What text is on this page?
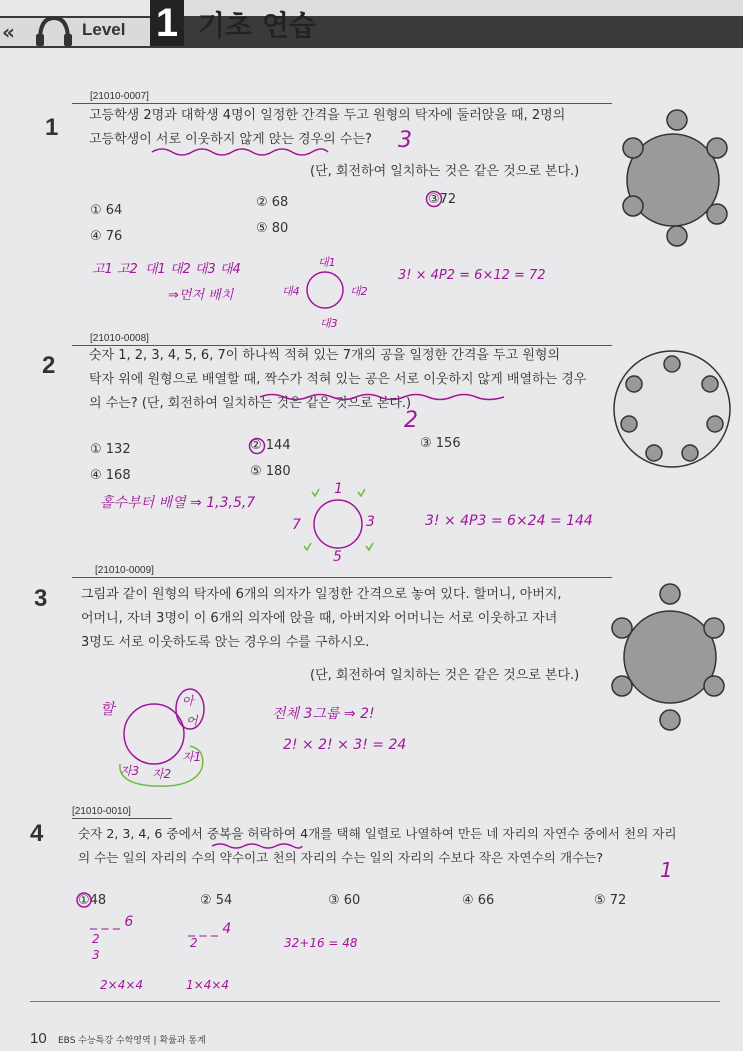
«	Level 1 기초 연습
[21010-0007]
1 고등학생 2명과 대학생 4명이 일정한 간격을 두고 원형의 탁자에 둘러앉을 때, 2명의
고등학생이 서로 이웃하지 않게 앉는 경우의 수는?
(단, 회전하여 일치하는 것은 같은 것으로 본다.)
① 64
② 68	③72
④ 76
⑤ 80
3
고1 고2 대1 대2 대3 대4
⇒먼저 배치
대1
대2
대3
대4
3! × 4P2 = 6×12 = 72
[21010-0008]
2	숫자 1, 2, 3, 4, 5, 6, 7이 하나씩 적혀 있는 7개의 공을 일정한 간격을 두고 원형의
탁자 위에 원형으로 배열할 때, 짝수가 적혀 있는 공은 서로 이웃하지 않게 배열하는 경우
의 수는? (단, 회전하여 일치하는 것은 같은 것으로 본다.)
① 132	② 144	③ 156
④ 168	⑤ 180
2
홀수부터 배열 ⇒ 1,3,5,7
1
3
5
7	3! × 4P3 = 6×24 = 144
[21010-0009]
3	그림과 같이 원형의 탁자에 6개의 의자가 일정한 간격으로 놓여 있다. 할머니, 아버지,
어머니, 자녀 3명이 이 6개의 의자에 앉을 때, 아버지와 어머니는 서로 이웃하고 자녀
3명도 서로 이웃하도록 앉는 경우의 수를 구하시오.
(단, 회전하여 일치하는 것은 같은 것으로 본다.)
할	아
어
자1
자2
자3
전체 3그룹 ⇒ 2!
2! × 2! × 3! = 24
[21010-0010]
4	숫자 2, 3, 4, 6 중에서 중복을 허락하여 4개를 택해 일렬로 나열하여 만든 네 자리의 자연수 중에서 천의 자리
의 수는 일의 자리의 수의 약수이고 천의 자리의 수는 일의 자리의 수보다 작은 자연수의 개수는?
1
①48	② 54	③ 60	④ 66	⑤ 72
_ _ _ 6
2
3
_ _ _ 4
2	32+16 = 48
2×4×4	1×4×4
10 EBS 수능특강 수학영역 | 확률과 통계
